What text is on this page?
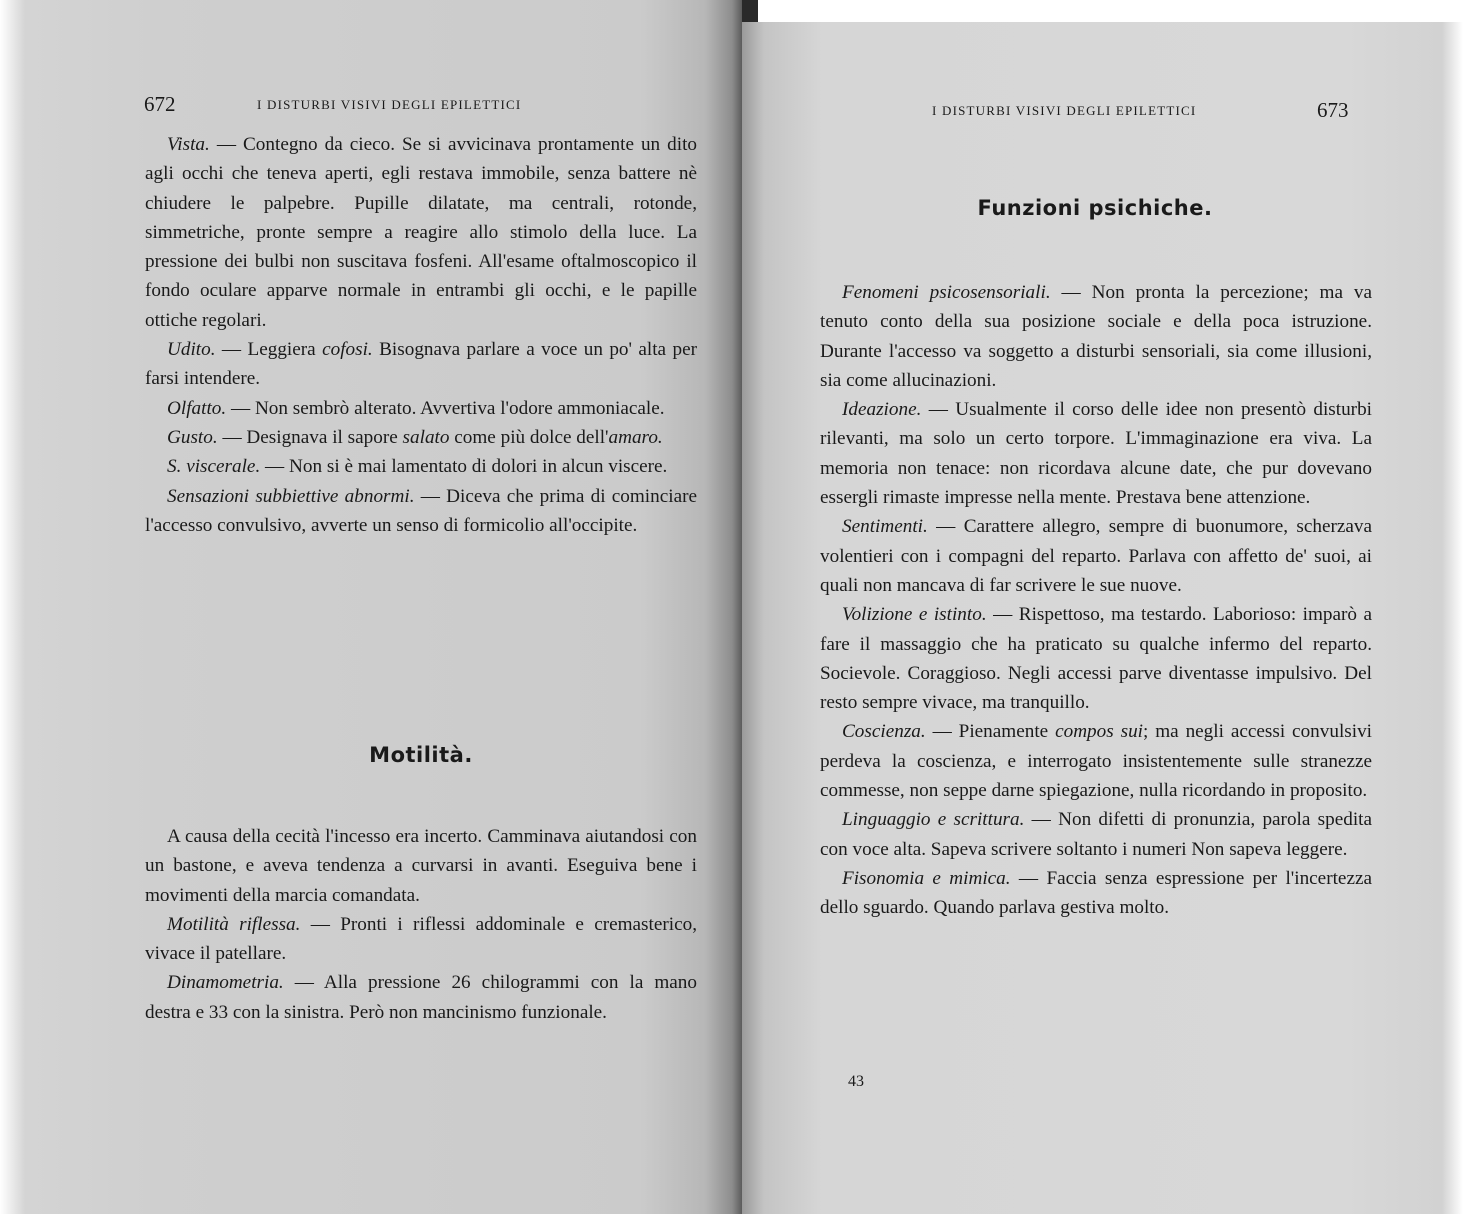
672	I DISTURBI VISIVI DEGLI EPILETTICI

Vista. — Contegno da cieco. Se si avvicinava prontamente un dito agli occhi che teneva aperti, egli restava immobile, senza battere nè chiudere le palpebre. Pupille dilatate, ma centrali, rotonde, simmetriche, pronte sempre a reagire allo stimolo della luce. La pressione dei bulbi non suscitava fosfeni. All'esame oftalmoscopico il fondo oculare apparve normale in entrambi gli occhi, e le papille ottiche regolari.

Udito. — Leggiera cofosi. Bisognava parlare a voce un po' alta per farsi intendere.

Olfatto. — Non sembrò alterato. Avvertiva l'odore ammoniacale.

Gusto. — Designava il sapore salato come più dolce dell'amaro.

S. viscerale. — Non si è mai lamentato di dolori in alcun viscere.

Sensazioni subbiettive abnormi. — Diceva che prima di cominciare l'accesso convulsivo, avverte un senso di formicolio all'occipite.

Motilità.

A causa della cecità l'incesso era incerto. Camminava aiutandosi con un bastone, e aveva tendenza a curvarsi in avanti. Eseguiva bene i movimenti della marcia comandata.

Motilità riflessa. — Pronti i riflessi addominale e cremasterico, vivace il patellare.

Dinamometria. — Alla pressione 26 chilogrammi con la mano destra e 33 con la sinistra. Però non mancinismo funzionale.

I DISTURBI VISIVI DEGLI EPILETTICI	673
Funzioni psichiche.

Fenomeni psicosensoriali. — Non pronta la percezione; ma va tenuto conto della sua posizione sociale e della poca istruzione. Durante l'accesso va soggetto a disturbi sensoriali, sia come illusioni, sia come allucinazioni.

Ideazione. — Usualmente il corso delle idee non presentò disturbi rilevanti, ma solo un certo torpore. L'immaginazione era viva. La memoria non tenace: non ricordava alcune date, che pur dovevano essergli rimaste impresse nella mente. Prestava bene attenzione.

Sentimenti. — Carattere allegro, sempre di buonumore, scherzava volentieri con i compagni del reparto. Parlava con affetto de' suoi, ai quali non mancava di far scrivere le sue nuove.

Volizione e istinto. — Rispettoso, ma testardo. Laborioso: imparò a fare il massaggio che ha praticato su qualche infermo del reparto. Socievole. Coraggioso. Negli accessi parve diventasse impulsivo. Del resto sempre vivace, ma tranquillo.

Coscienza. — Pienamente compos sui; ma negli accessi convulsivi perdeva la coscienza, e interrogato insistentemente sulle stranezze commesse, non seppe darne spiegazione, nulla ricordando in proposito.

Linguaggio e scrittura. — Non difetti di pronunzia, parola spedita con voce alta. Sapeva scrivere soltanto i numeri Non sapeva leggere.

Fisonomia e mimica. — Faccia senza espressione per l'incertezza dello sguardo. Quando parlava gestiva molto.

43
